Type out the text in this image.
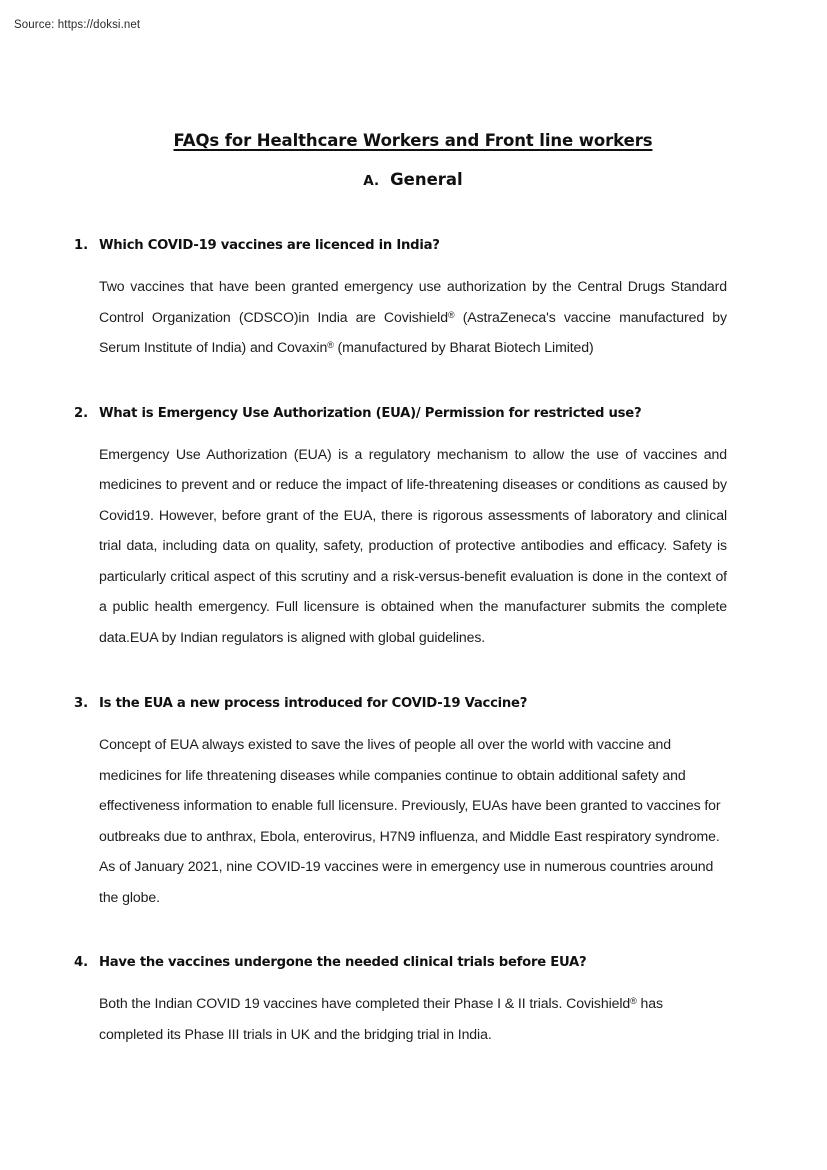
Source: https://doksi.net
FAQs for Healthcare Workers and Front line workers
A. General
1. Which COVID-19 vaccines are licenced in India?

Two vaccines that have been granted emergency use authorization by the Central Drugs Standard Control Organization (CDSCO)in India are Covishield® (AstraZeneca's vaccine manufactured by Serum Institute of India) and Covaxin® (manufactured by Bharat Biotech Limited)

2. What is Emergency Use Authorization (EUA)/ Permission for restricted use?

Emergency Use Authorization (EUA) is a regulatory mechanism to allow the use of vaccines and medicines to prevent and or reduce the impact of life-threatening diseases or conditions as caused by Covid19. However, before grant of the EUA, there is rigorous assessments of laboratory and clinical trial data, including data on quality, safety, production of protective antibodies and efficacy. Safety is particularly critical aspect of this scrutiny and a risk-versus-benefit evaluation is done in the context of a public health emergency. Full licensure is obtained when the manufacturer submits the complete data.EUA by Indian regulators is aligned with global guidelines.

3. Is the EUA a new process introduced for COVID-19 Vaccine?

Concept of EUA always existed to save the lives of people all over the world with vaccine and medicines for life threatening diseases while companies continue to obtain additional safety and effectiveness information to enable full licensure. Previously, EUAs have been granted to vaccines for outbreaks due to anthrax, Ebola, enterovirus, H7N9 influenza, and Middle East respiratory syndrome. As of January 2021, nine COVID-19 vaccines were in emergency use in numerous countries around the globe.

4. Have the vaccines undergone the needed clinical trials before EUA?

Both the Indian COVID 19 vaccines have completed their Phase I & II trials. Covishield® has completed its Phase III trials in UK and the bridging trial in India.
